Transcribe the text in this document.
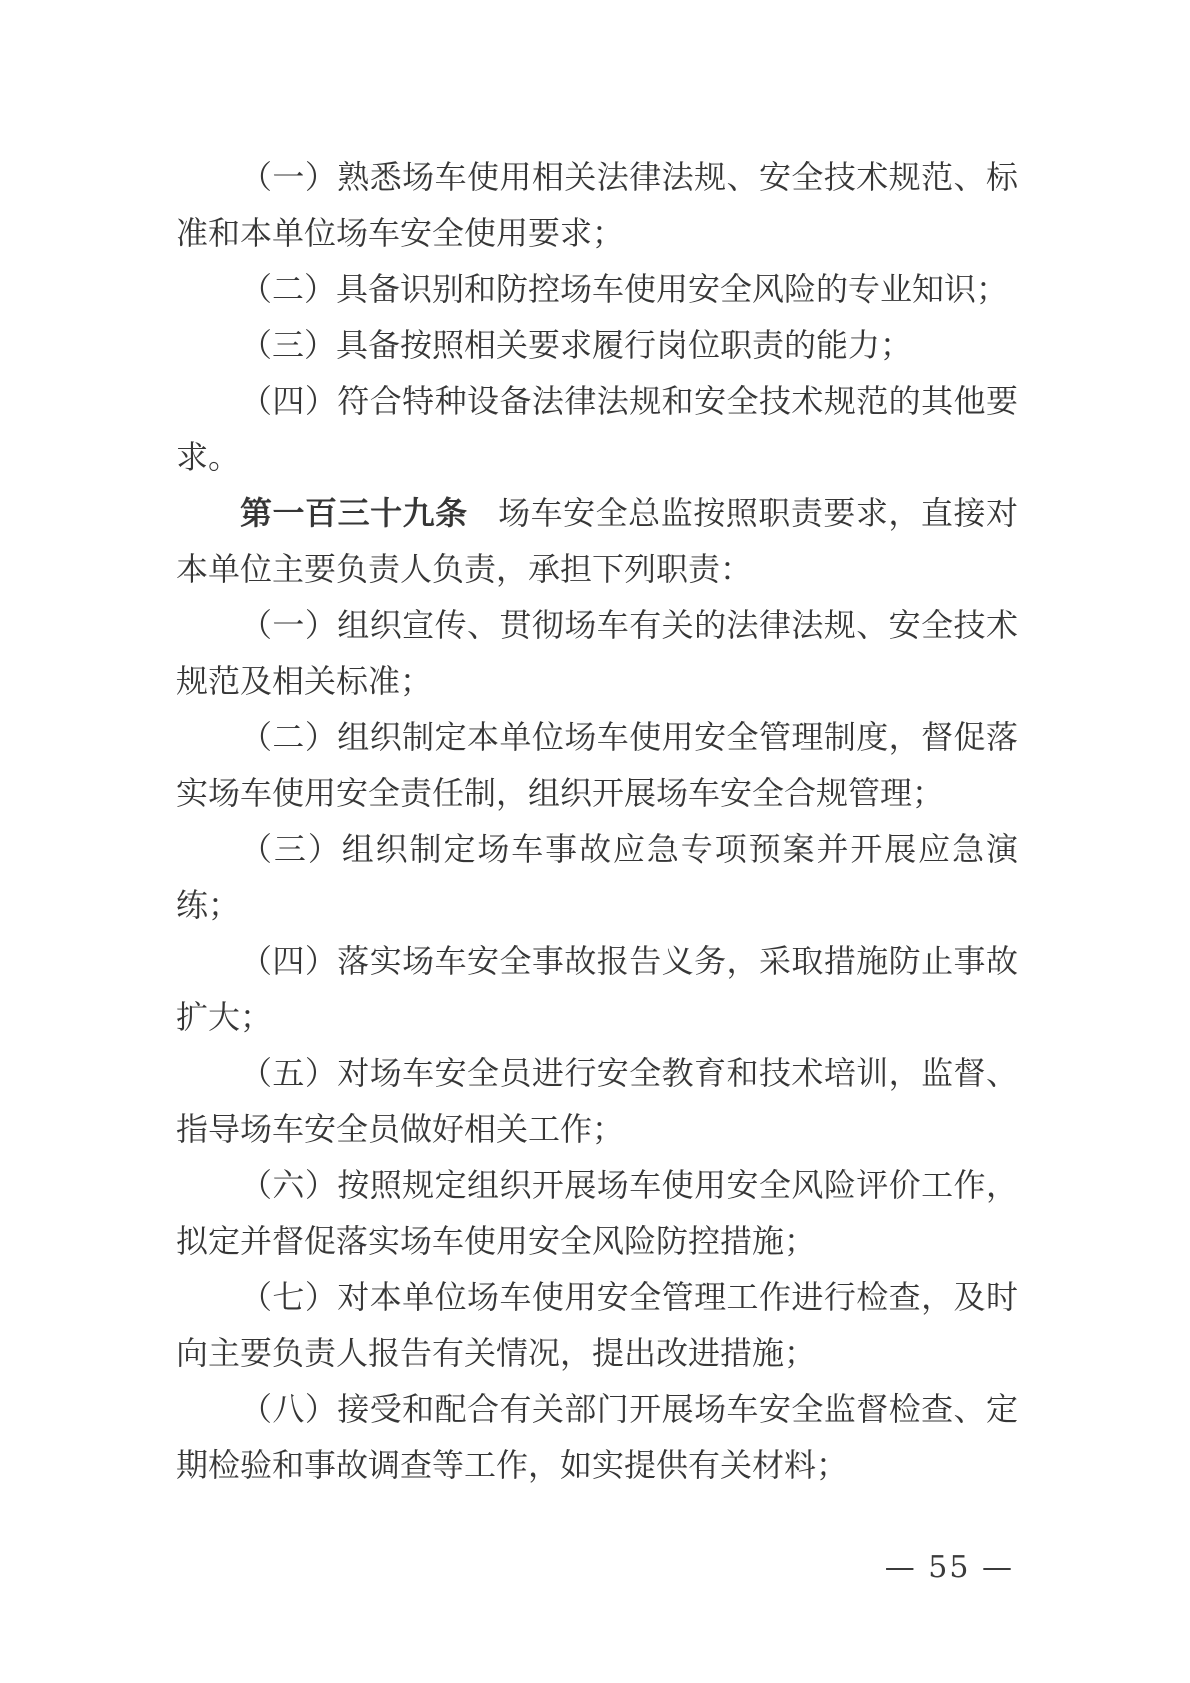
（一）熟悉场车使用相关法律法规、安全技术规范、标准和本单位场车安全使用要求；

（二）具备识别和防控场车使用安全风险的专业知识；

（三）具备按照相关要求履行岗位职责的能力；

（四）符合特种设备法律法规和安全技术规范的其他要求。

第一百三十九条 场车安全总监按照职责要求，直接对本单位主要负责人负责，承担下列职责：

（一）组织宣传、贯彻场车有关的法律法规、安全技术规范及相关标准；

（二）组织制定本单位场车使用安全管理制度，督促落实场车使用安全责任制，组织开展场车安全合规管理；

（三）组织制定场车事故应急专项预案并开展应急演练；

（四）落实场车安全事故报告义务，采取措施防止事故扩大；

（五）对场车安全员进行安全教育和技术培训，监督、指导场车安全员做好相关工作；

（六）按照规定组织开展场车使用安全风险评价工作，拟定并督促落实场车使用安全风险防控措施；

（七）对本单位场车使用安全管理工作进行检查，及时向主要负责人报告有关情况，提出改进措施；

（八）接受和配合有关部门开展场车安全监督检查、定期检验和事故调查等工作，如实提供有关材料；

— 55 —
